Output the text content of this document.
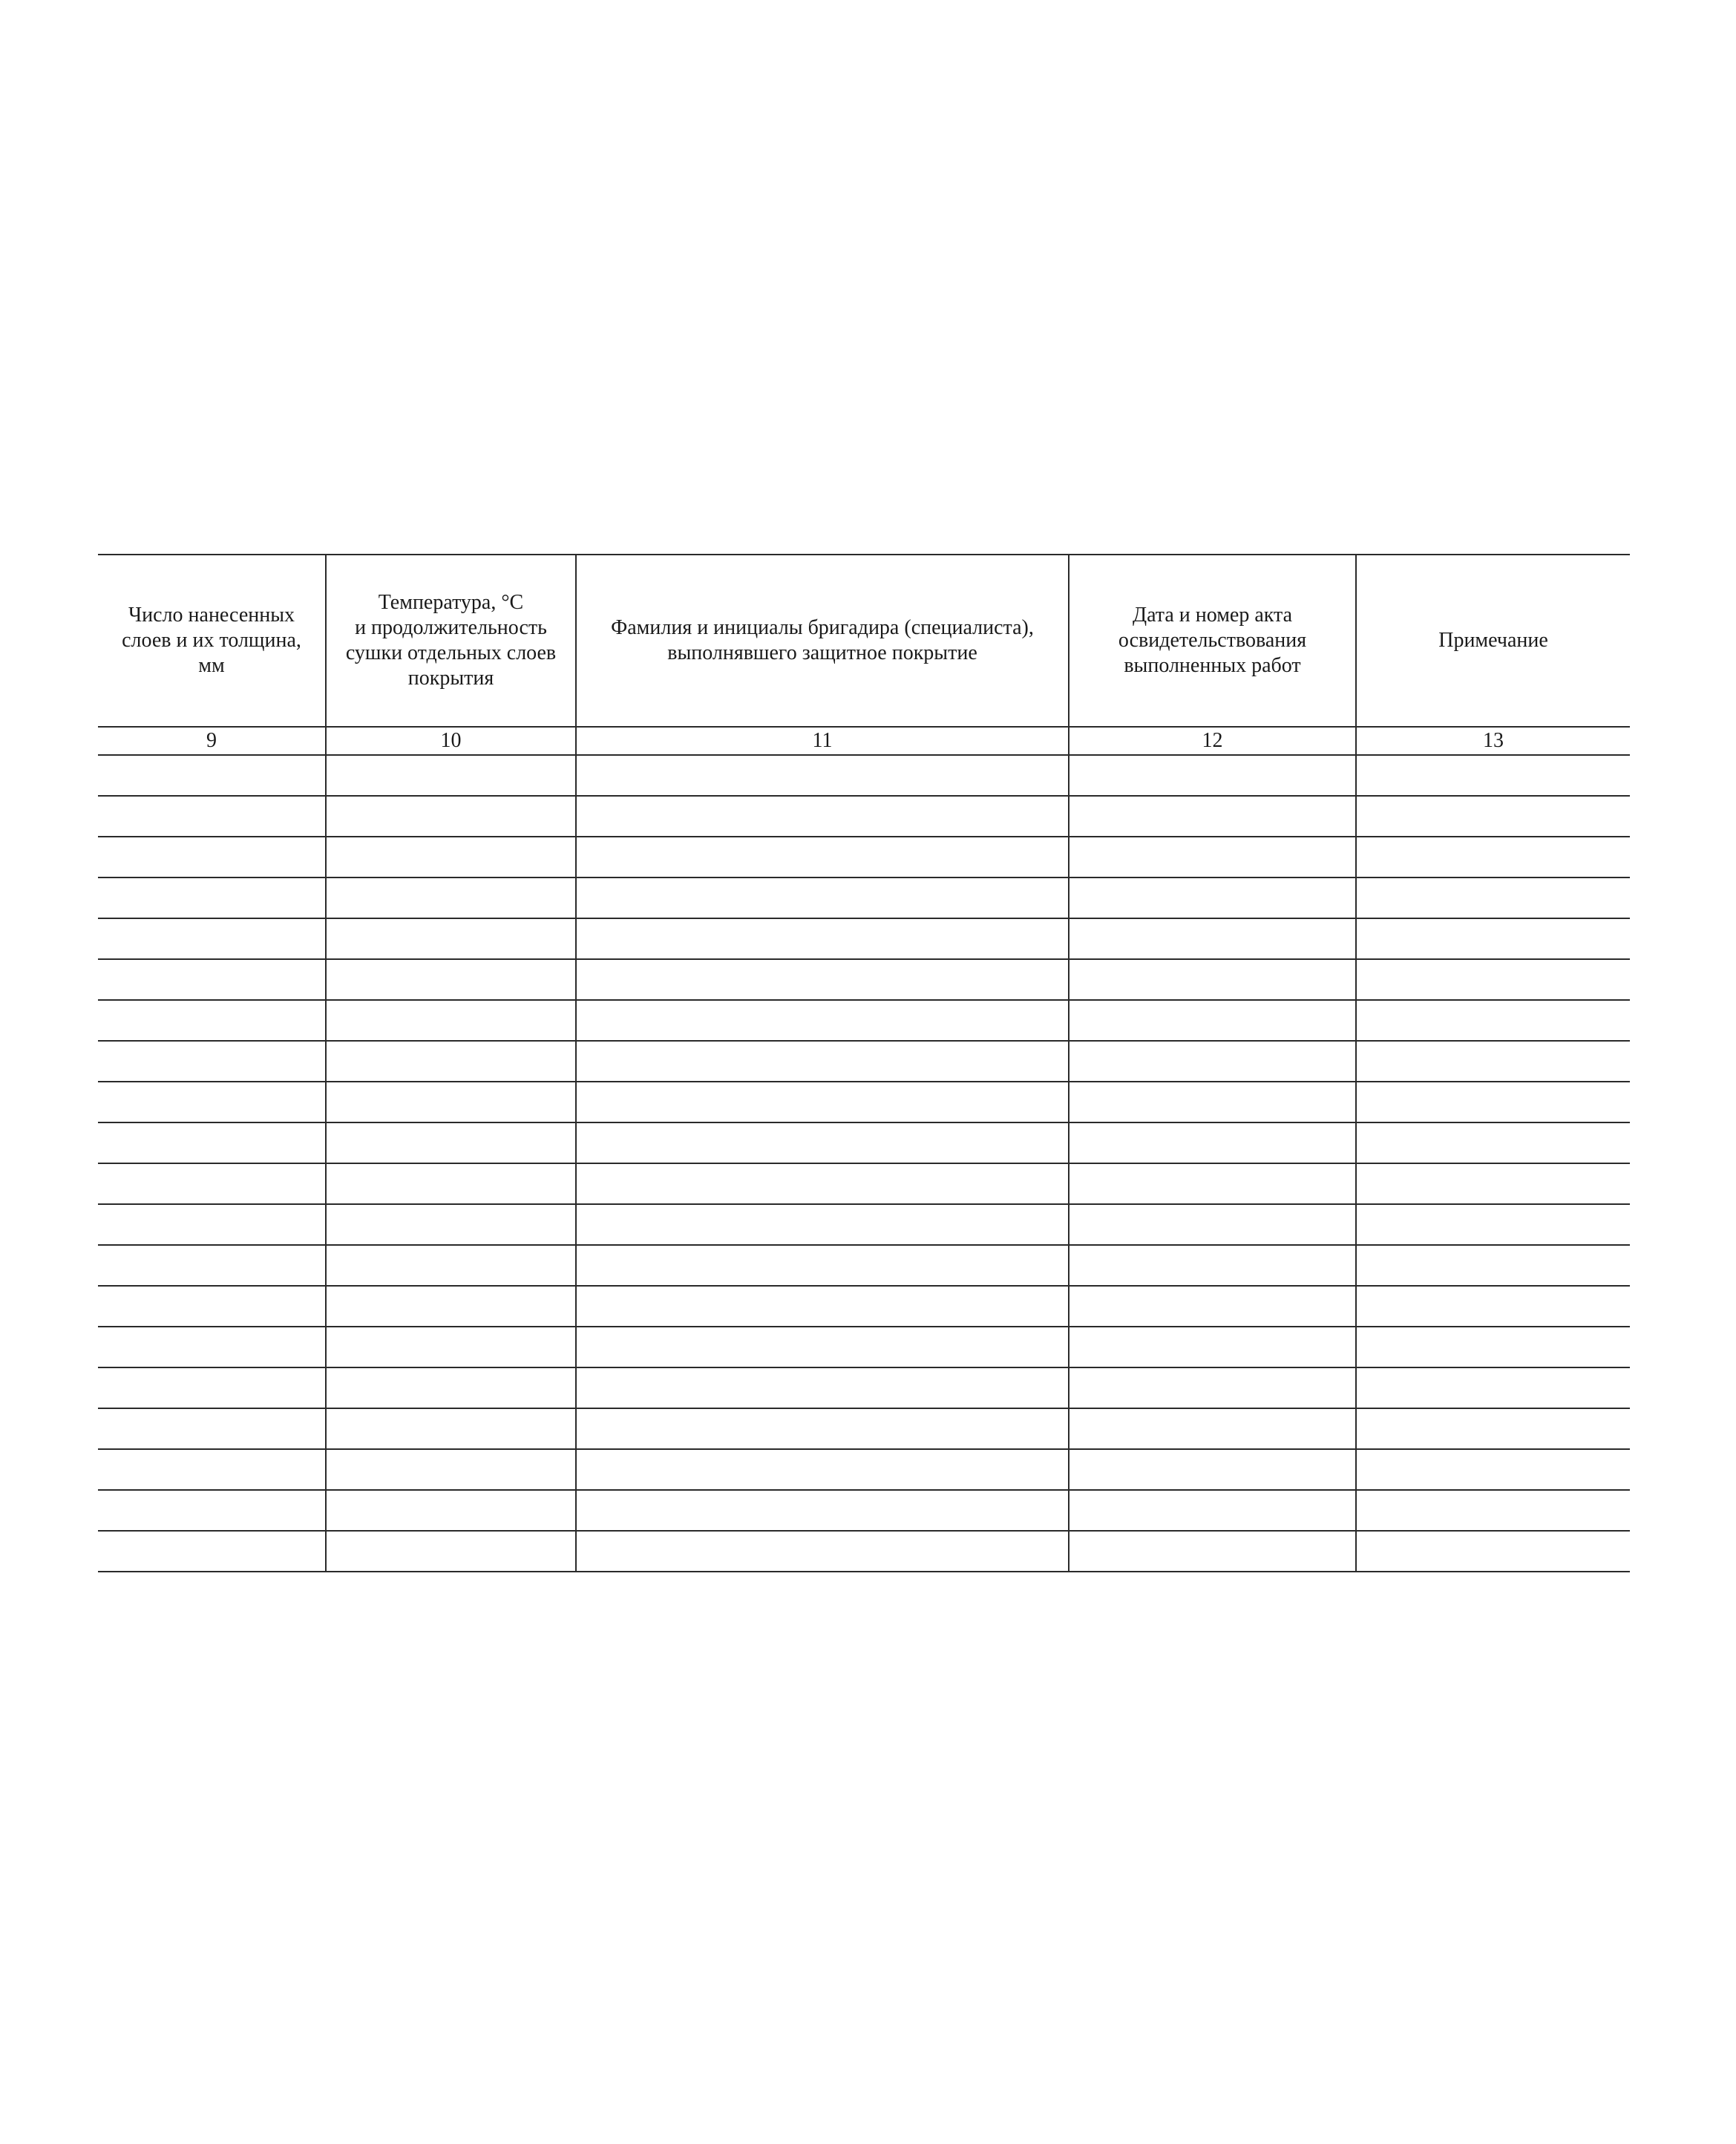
Число нанесенных
слоев и их толщина,
мм	Температура, °С
и продолжительность
сушки отдельных слоев
покрытия	Фамилия и инициалы бригадира (специалиста),
выполнявшего защитное покрытие	Дата и номер акта
освидетельствования
выполненных работ	Примечание
9	10	11	12	13
